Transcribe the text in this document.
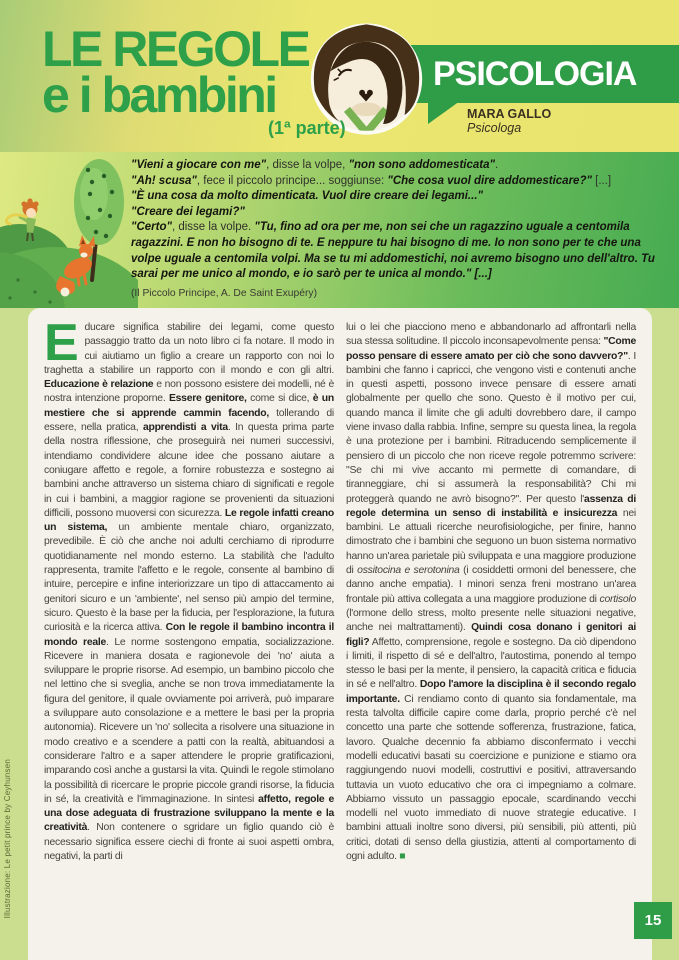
PSICOLOGIA
LE REGOLE
e i bambini
(1ª parte)
MARA GALLO
Psicologa
"Vieni a giocare con me", disse la volpe, "non sono addomesticata".
"Ah! scusa", fece il piccolo principe... soggiunse: "Che cosa vuol dire addomesticare?" [...]
"È una cosa da molto dimenticata. Vuol dire creare dei legami..."
"Creare dei legami?"
"Certo", disse la volpe. "Tu, fino ad ora per me, non sei che un ragazzino uguale a centomila ragazzini. E non ho bisogno di te. E neppure tu hai bisogno di me. Io non sono per te che una volpe uguale a centomila volpi. Ma se tu mi addomestichi, noi avremo bisogno uno dell'altro. Tu sarai per me unico al mondo, e io sarò per te unica al mondo." [...]
(Il Piccolo Principe, A. De Saint Exupéry)
Educare significa stabilire dei legami, come questo passaggio tratto da un noto libro ci fa notare. Il modo in cui aiutiamo un figlio a creare un rapporto con noi lo traghetta a stabilire un rapporto con il mondo e con gli altri. Educazione è relazione e non possono esistere dei modelli, né è nostra intenzione proporne. Essere genitore, come si dice, è un mestiere che si apprende cammin facendo, tollerando di essere, nella pratica, apprendisti a vita. In questa prima parte della nostra riflessione, che proseguirà nei numeri successivi, intendiamo condividere alcune idee che possano aiutare a coniugare affetto e regole, a fornire robustezza e sostegno ai bambini anche attraverso un sistema chiaro di significati e regole in cui i bambini, a maggior ragione se provenienti da situazioni difficili, possono muoversi con sicurezza. Le regole infatti creano un sistema, un ambiente mentale chiaro, organizzato, prevedibile. È ciò che anche noi adulti cerchiamo di riprodurre quotidianamente nel mondo esterno. La stabilità che l'adulto rappresenta, tramite l'affetto e le regole, consente al bambino di intuire, percepire e infine interiorizzare un tipo di attaccamento ai genitori sicuro e un 'ambiente', nel senso più ampio del termine, sicuro. Questo è la base per la fiducia, per l'esplorazione, la futura curiosità e la ricerca attiva. Con le regole il bambino incontra il mondo reale. Le norme sostengono empatia, socializzazione. Ricevere in maniera dosata e ragionevole dei 'no' aiuta a sviluppare le proprie risorse. Ad esempio, un bambino piccolo che nel lettino che si sveglia, anche se non trova immediatamente la figura del genitore, il quale ovviamente poi arriverà, può imparare a sviluppare auto consolazione e a mettere le basi per la propria autonomia). Ricevere un 'no' sollecita a risolvere una situazione in modo creativo e a scendere a patti con la realtà, abituandosi a considerare l'altro e a saper attendere le proprie gratificazioni, imparando così anche a gustarsi la vita. Quindi le regole stimolano la possibilità di ricercare le proprie piccole grandi risorse, la fiducia in sé, la creatività e l'immaginazione. In sintesi affetto, regole e una dose adeguata di frustrazione sviluppano la mente e la creatività. Non contenere o sgridare un figlio quando ciò è necessario significa essere ciechi di fronte ai suoi aspetti ombra, negativi, la parti di
lui o lei che piacciono meno e abbandonarlo ad affrontarli nella sua stessa solitudine. Il piccolo inconsapevolmente pensa: "Come posso pensare di essere amato per ciò che sono davvero?". I bambini che fanno i capricci, che vengono visti e contenuti anche in questi aspetti, possono invece pensare di essere amati globalmente per quello che sono. Questo è il motivo per cui, quando manca il limite che gli adulti dovrebbero dare, il campo viene invaso dalla rabbia. Infine, sempre su questa linea, la regola è una protezione per i bambini. Ritraducendo semplicemente il pensiero di un piccolo che non riceve regole potremmo scrivere: "Se chi mi vive accanto mi permette di comandare, di tiranneggiare, chi si assumerà la responsabilità? Chi mi proteggerà quando ne avrò bisogno?". Per questo l'assenza di regole determina un senso di instabilità e insicurezza nei bambini. Le attuali ricerche neurofisiologiche, per finire, hanno dimostrato che i bambini che seguono un buon sistema normativo hanno un'area parietale più sviluppata e una maggiore produzione di ossitocina e serotonina (i cosiddetti ormoni del benessere, che danno anche empatia). I minori senza freni mostrano un'area frontale più attiva collegata a una maggiore produzione di cortisolo (l'ormone dello stress, molto presente nelle situazioni negative, anche nei maltrattamenti). Quindi cosa donano i genitori ai figli? Affetto, comprensione, regole e sostegno. Da ciò dipendono i limiti, il rispetto di sé e dell'altro, l'autostima, ponendo al tempo stesso le basi per la mente, il pensiero, la capacità critica e fiducia in sé e nell'altro. Dopo l'amore la disciplina è il secondo regalo importante. Ci rendiamo conto di quanto sia fondamentale, ma resta talvolta difficile capire come darla, proprio perché c'è nel concetto una parte che sottende sofferenza, frustrazione, fatica, lavoro. Qualche decennio fa abbiamo disconfermato i vecchi modelli educativi basati su coercizione e punizione e stiamo ora raggiungendo nuovi modelli, costruttivi e positivi, attraversando tuttavia un vuoto educativo che ora ci impegniamo a colmare. Abbiamo vissuto un passaggio epocale, scardinando vecchi modelli nel vuoto immediato di nuove strategie educative. I bambini attuali inoltre sono diversi, più sensibili, più attenti, più critici, dotati di senso della giustizia, attenti al comportamento di ogni adulto. ■
Illustrazione: Le petit prince by Ceyhunsen
15
